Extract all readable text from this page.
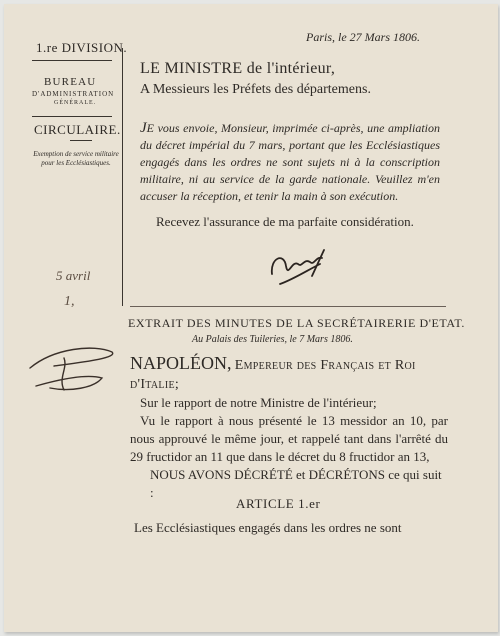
1.re DIVISION.
BUREAU
D'ADMINISTRATION
GÉNÉRALE.
CIRCULAIRE.
Exemption de service militaire pour les Ecclésiastiques.
Paris, le 27 Mars 1806.
LE MINISTRE de l'intérieur,
A Messieurs les Préfets des départemens.
JE vous envoie, Monsieur, imprimée ci-après, une ampliation du décret impérial du 7 mars, portant que les Ecclésiastiques engagés dans les ordres ne sont sujets ni à la conscription militaire, ni au service de la garde nationale. Veuillez m'en accuser la réception, et tenir la main à son exécution.
Recevez l'assurance de ma parfaite considération.
5 avril
1,
EXTRAIT DES MINUTES DE LA SECRÉTAIRERIE D'ETAT.
Au Palais des Tuileries, le 7 Mars 1806.
NAPOLÉON, Empereur des Français et Roi d'Italie;
Sur le rapport de notre Ministre de l'intérieur;
Vu le rapport à nous présenté le 13 messidor an 10, par nous approuvé le même jour, et rappelé tant dans l'arrêté du 29 fructidor an 11 que dans le décret du 8 fructidor an 13,
NOUS AVONS DÉCRÉTÉ et DÉCRÉTONS ce qui suit :
ARTICLE 1.er
Les Ecclésiastiques engagés dans les ordres ne sont
